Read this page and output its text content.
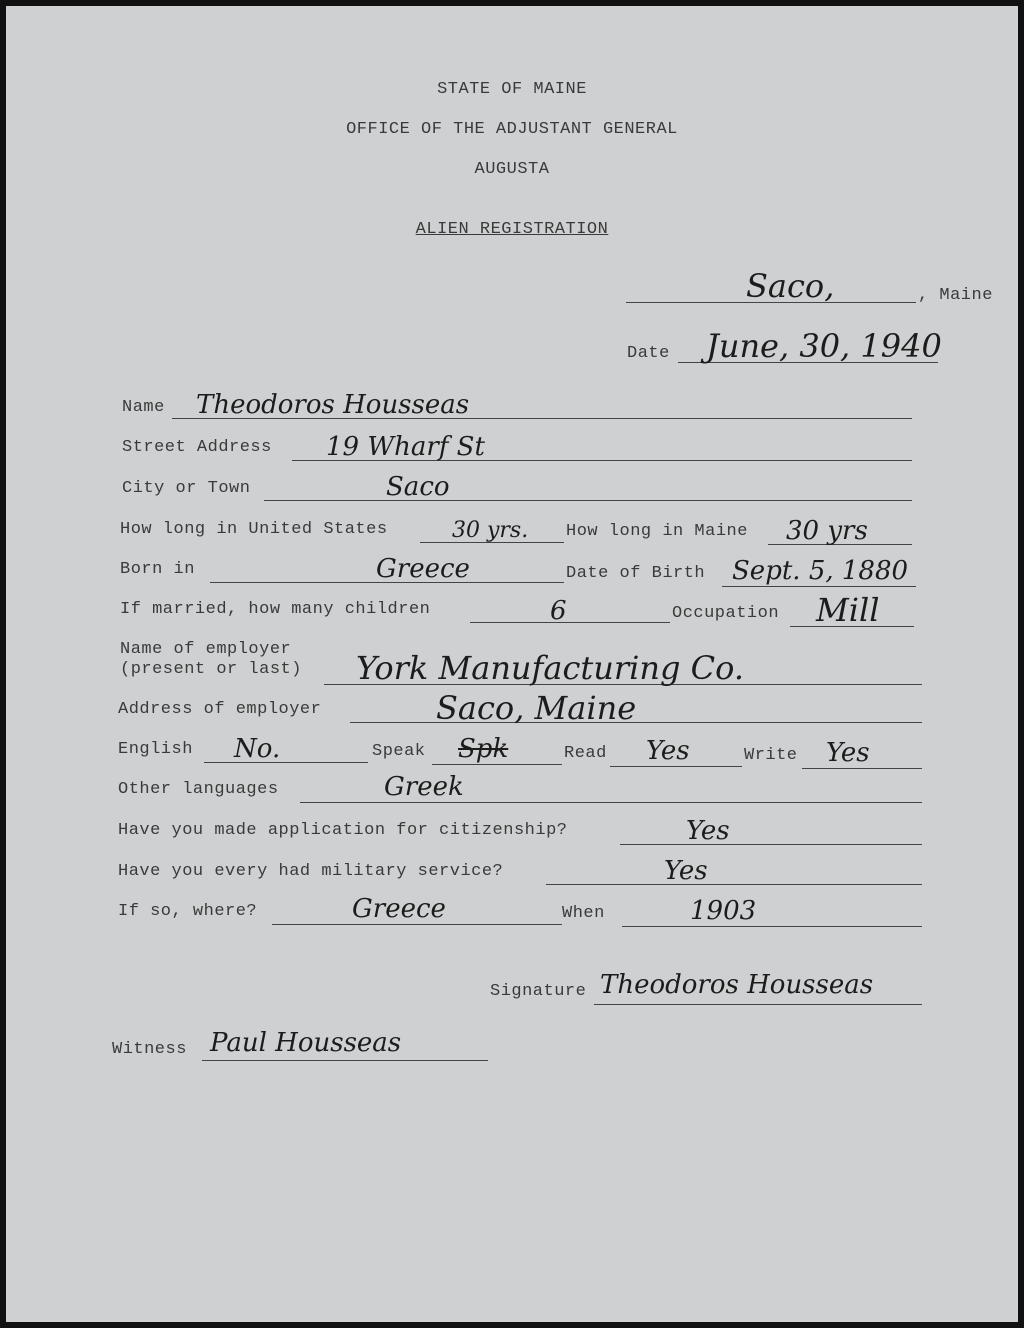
STATE OF MAINE
OFFICE OF THE ADJUSTANT GENERAL
AUGUSTA
ALIEN REGISTRATION
Saco,	, Maine
Date June, 30, 1940
Name Theodoros Housseas
Street Address 19 Wharf St
City or Town	Saco
How long in United States	30 yrs. How long in Maine 30 yrs
Born in	Greece	Date of Birth Sept. 5, 1880
If married, how many children	6	Occupation Mill
Name of employer
(present or last) York Manufacturing Co.
Address of employer	Saco, Maine
English No.	Speak Spk	Read Yes	Write Yes
Other languages	Greek
Have you made application for citizenship?	Yes
Have you every had military service?	Yes
If so, where?	Greece	When	1903
Signature Theodoros Housseas
Witness Paul Housseas
